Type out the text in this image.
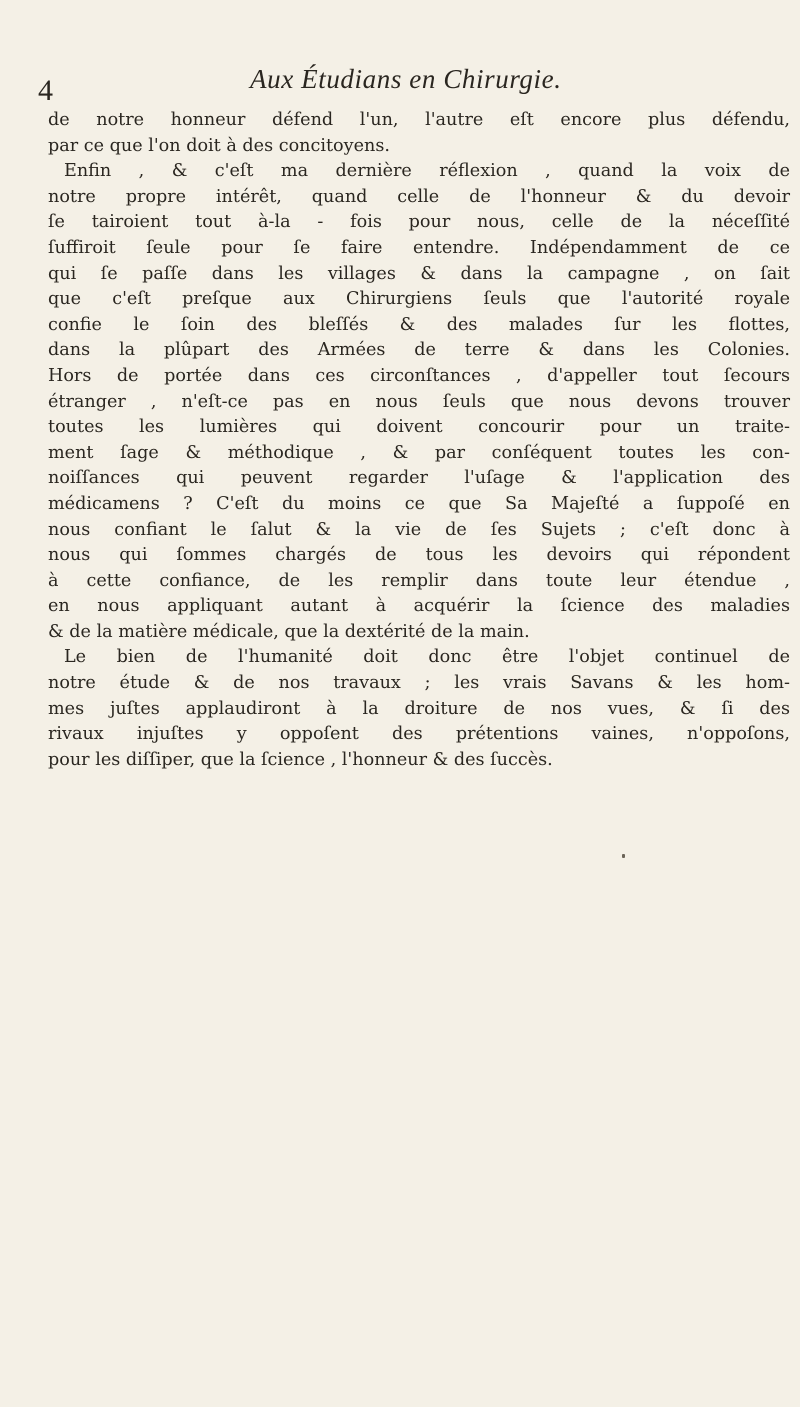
4	Aux Étudians en Chirurgie.
de notre honneur défend l'un, l'autre eſt encore plus défendu,
par ce que l'on doit à des concitoyens.
Enfin , & c'eſt ma dernière réflexion , quand la voix de
notre propre intérêt, quand celle de l'honneur & du devoir
ſe tairoient tout à-la - fois pour nous, celle de la néceſſité
ſuffiroit ſeule pour ſe faire entendre. Indépendamment de ce
qui ſe paſſe dans les villages & dans la campagne , on ſait
que c'eſt preſque aux Chirurgiens ſeuls que l'autorité royale
confie le ſoin des bleſſés & des malades ſur les flottes,
dans la plûpart des Armées de terre & dans les Colonies.
Hors de portée dans ces circonſtances , d'appeller tout ſecours
étranger , n'eſt-ce pas en nous ſeuls que nous devons trouver
toutes les lumières qui doivent concourir pour un traite-
ment ſage & méthodique , & par conſéquent toutes les con-
noiſſances qui peuvent regarder l'uſage & l'application des
médicamens ? C'eſt du moins ce que Sa Majeſté a ſuppoſé en
nous confiant le ſalut & la vie de ſes Sujets ; c'eſt donc à
nous qui ſommes chargés de tous les devoirs qui répondent
à cette confiance, de les remplir dans toute leur étendue ,
en nous appliquant autant à acquérir la ſcience des maladies
& de la matière médicale, que la dextérité de la main.
Le bien de l'humanité doit donc être l'objet continuel de
notre étude & de nos travaux ; les vrais Savans & les hom-
mes juſtes applaudiront à la droiture de nos vues, & ſi des
rivaux injuſtes y oppoſent des prétentions vaines, n'oppoſons,
pour les diſſiper, que la ſcience , l'honneur & des ſuccès.
